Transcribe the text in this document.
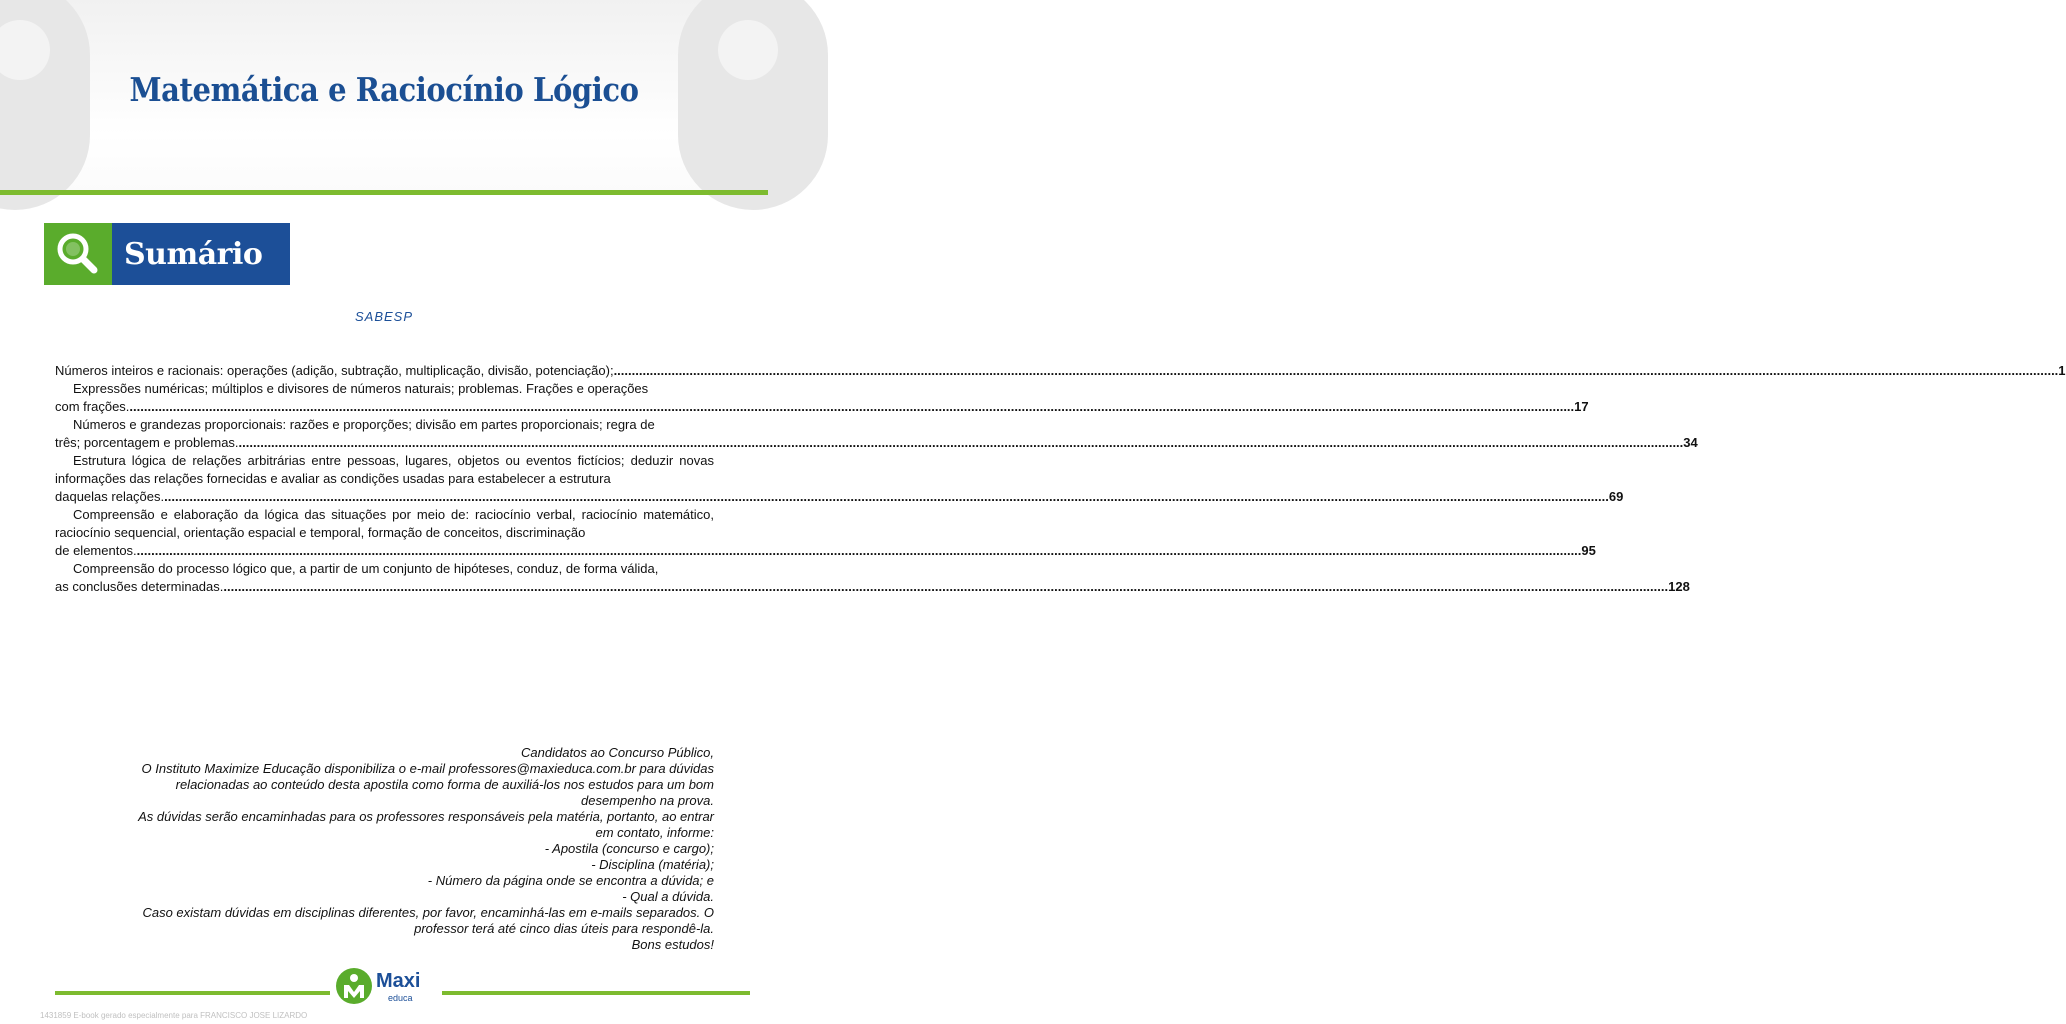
Matemática e Raciocínio Lógico
Sumário
SABESP
Números inteiros e racionais: operações (adição, subtração, multiplicação, divisão, potenciação); ................................................................................................................................................................................................................................................................................................................................................................................................................ 1
Expressões numéricas; múltiplos e divisores de números naturais; problemas. Frações e operações
com frações. ................................................................................................................................................................................................................................................................................................................................................................................................................ 17
Números e grandezas proporcionais: razões e proporções; divisão em partes proporcionais; regra de
três; porcentagem e problemas. ................................................................................................................................................................................................................................................................................................................................................................................................................ 34
Estrutura lógica de relações arbitrárias entre pessoas, lugares, objetos ou eventos fictícios; deduzir novas informações das relações fornecidas e avaliar as condições usadas para estabelecer a estrutura
daquelas relações. ................................................................................................................................................................................................................................................................................................................................................................................................................ 69
Compreensão e elaboração da lógica das situações por meio de: raciocínio verbal, raciocínio matemático, raciocínio sequencial, orientação espacial e temporal, formação de conceitos, discriminação
de elementos. ................................................................................................................................................................................................................................................................................................................................................................................................................ 95
Compreensão do processo lógico que, a partir de um conjunto de hipóteses, conduz, de forma válida,
as conclusões determinadas. ................................................................................................................................................................................................................................................................................................................................................................................................................ 128
Candidatos ao Concurso Público,
O Instituto Maximize Educação disponibiliza o e-mail professores@maxieduca.com.br para dúvidas
relacionadas ao conteúdo desta apostila como forma de auxiliá-los nos estudos para um bom
desempenho na prova.
As dúvidas serão encaminhadas para os professores responsáveis pela matéria, portanto, ao entrar
em contato, informe:
- Apostila (concurso e cargo);
- Disciplina (matéria);
- Número da página onde se encontra a dúvida; e
- Qual a dúvida.
Caso existam dúvidas em disciplinas diferentes, por favor, encaminhá-las em e-mails separados. O
professor terá até cinco dias úteis para respondê-la.
Bons estudos!
Maxi
educa
1431859 E-book gerado especialmente para FRANCISCO JOSE LIZARDO
